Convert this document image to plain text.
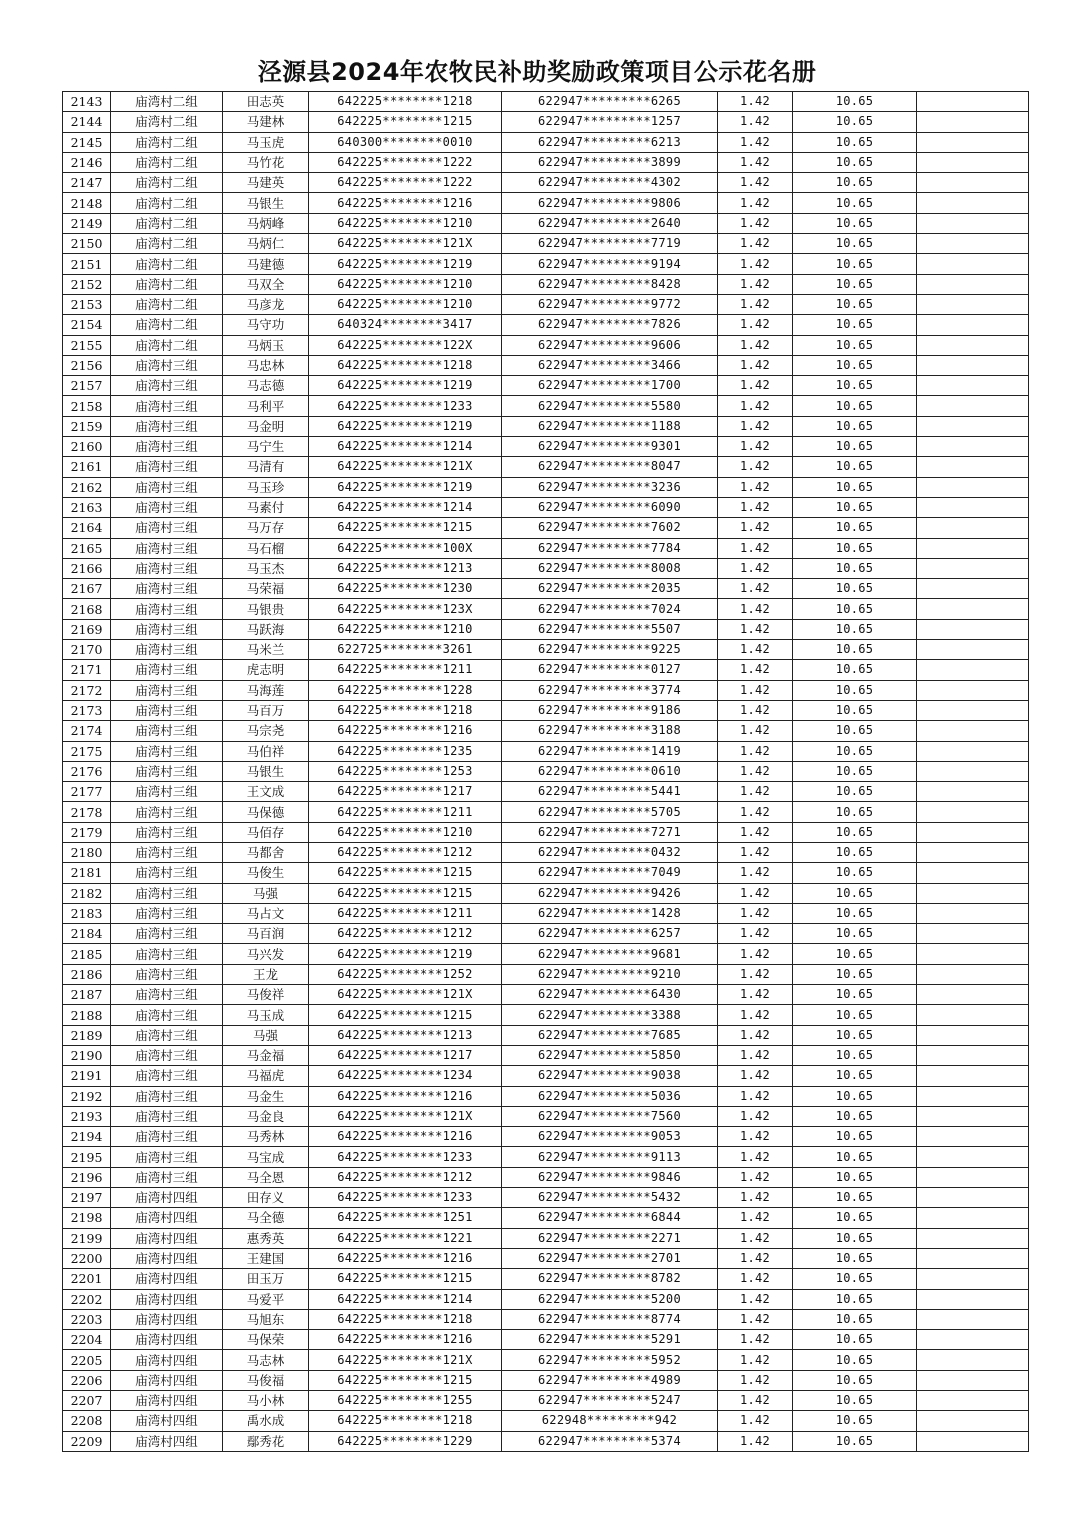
泾源县2024年农牧民补助奖励政策项目公示花名册
2143	庙湾村二组	田志英	642225********1218	622947*********6265	1.42	10.65	
2144	庙湾村二组	马建林	642225********1215	622947*********1257	1.42	10.65	
2145	庙湾村二组	马玉虎	640300********0010	622947*********6213	1.42	10.65	
2146	庙湾村二组	马竹花	642225********1222	622947*********3899	1.42	10.65	
2147	庙湾村二组	马建英	642225********1222	622947*********4302	1.42	10.65	
2148	庙湾村二组	马银生	642225********1216	622947*********9806	1.42	10.65	
2149	庙湾村二组	马炳峰	642225********1210	622947*********2640	1.42	10.65	
2150	庙湾村二组	马炳仁	642225********121X	622947*********7719	1.42	10.65	
2151	庙湾村二组	马建德	642225********1219	622947*********9194	1.42	10.65	
2152	庙湾村二组	马双全	642225********1210	622947*********8428	1.42	10.65	
2153	庙湾村二组	马彦龙	642225********1210	622947*********9772	1.42	10.65	
2154	庙湾村二组	马守功	640324********3417	622947*********7826	1.42	10.65	
2155	庙湾村二组	马炳玉	642225********122X	622947*********9606	1.42	10.65	
2156	庙湾村三组	马忠林	642225********1218	622947*********3466	1.42	10.65	
2157	庙湾村三组	马志德	642225********1219	622947*********1700	1.42	10.65	
2158	庙湾村三组	马利平	642225********1233	622947*********5580	1.42	10.65	
2159	庙湾村三组	马金明	642225********1219	622947*********1188	1.42	10.65	
2160	庙湾村三组	马宁生	642225********1214	622947*********9301	1.42	10.65	
2161	庙湾村三组	马清有	642225********121X	622947*********8047	1.42	10.65	
2162	庙湾村三组	马玉珍	642225********1219	622947*********3236	1.42	10.65	
2163	庙湾村三组	马素付	642225********1214	622947*********6090	1.42	10.65	
2164	庙湾村三组	马万存	642225********1215	622947*********7602	1.42	10.65	
2165	庙湾村三组	马石榴	642225********100X	622947*********7784	1.42	10.65	
2166	庙湾村三组	马玉杰	642225********1213	622947*********8008	1.42	10.65	
2167	庙湾村三组	马荣福	642225********1230	622947*********2035	1.42	10.65	
2168	庙湾村三组	马银贵	642225********123X	622947*********7024	1.42	10.65	
2169	庙湾村三组	马跃海	642225********1210	622947*********5507	1.42	10.65	
2170	庙湾村三组	马米兰	622725********3261	622947*********9225	1.42	10.65	
2171	庙湾村三组	虎志明	642225********1211	622947*********0127	1.42	10.65	
2172	庙湾村三组	马海莲	642225********1228	622947*********3774	1.42	10.65	
2173	庙湾村三组	马百万	642225********1218	622947*********9186	1.42	10.65	
2174	庙湾村三组	马宗尧	642225********1216	622947*********3188	1.42	10.65	
2175	庙湾村三组	马伯祥	642225********1235	622947*********1419	1.42	10.65	
2176	庙湾村三组	马银生	642225********1253	622947*********0610	1.42	10.65	
2177	庙湾村三组	王文成	642225********1217	622947*********5441	1.42	10.65	
2178	庙湾村三组	马保德	642225********1211	622947*********5705	1.42	10.65	
2179	庙湾村三组	马佰存	642225********1210	622947*********7271	1.42	10.65	
2180	庙湾村三组	马都舍	642225********1212	622947*********0432	1.42	10.65	
2181	庙湾村三组	马俊生	642225********1215	622947*********7049	1.42	10.65	
2182	庙湾村三组	马强	642225********1215	622947*********9426	1.42	10.65	
2183	庙湾村三组	马占文	642225********1211	622947*********1428	1.42	10.65	
2184	庙湾村三组	马百润	642225********1212	622947*********6257	1.42	10.65	
2185	庙湾村三组	马兴发	642225********1219	622947*********9681	1.42	10.65	
2186	庙湾村三组	王龙	642225********1252	622947*********9210	1.42	10.65	
2187	庙湾村三组	马俊祥	642225********121X	622947*********6430	1.42	10.65	
2188	庙湾村三组	马玉成	642225********1215	622947*********3388	1.42	10.65	
2189	庙湾村三组	马强	642225********1213	622947*********7685	1.42	10.65	
2190	庙湾村三组	马金福	642225********1217	622947*********5850	1.42	10.65	
2191	庙湾村三组	马福虎	642225********1234	622947*********9038	1.42	10.65	
2192	庙湾村三组	马金生	642225********1216	622947*********5036	1.42	10.65	
2193	庙湾村三组	马金良	642225********121X	622947*********7560	1.42	10.65	
2194	庙湾村三组	马秀林	642225********1216	622947*********9053	1.42	10.65	
2195	庙湾村三组	马宝成	642225********1233	622947*********9113	1.42	10.65	
2196	庙湾村三组	马全恩	642225********1212	622947*********9846	1.42	10.65	
2197	庙湾村四组	田存义	642225********1233	622947*********5432	1.42	10.65	
2198	庙湾村四组	马全德	642225********1251	622947*********6844	1.42	10.65	
2199	庙湾村四组	惠秀英	642225********1221	622947*********2271	1.42	10.65	
2200	庙湾村四组	王建国	642225********1216	622947*********2701	1.42	10.65	
2201	庙湾村四组	田玉万	642225********1215	622947*********8782	1.42	10.65	
2202	庙湾村四组	马爱平	642225********1214	622947*********5200	1.42	10.65	
2203	庙湾村四组	马旭东	642225********1218	622947*********8774	1.42	10.65	
2204	庙湾村四组	马保荣	642225********1216	622947*********5291	1.42	10.65	
2205	庙湾村四组	马志林	642225********121X	622947*********5952	1.42	10.65	
2206	庙湾村四组	马俊福	642225********1215	622947*********4989	1.42	10.65	
2207	庙湾村四组	马小林	642225********1255	622947*********5247	1.42	10.65	
2208	庙湾村四组	禹水成	642225********1218	622948*********942	1.42	10.65	
2209	庙湾村四组	鄢秀花	642225********1229	622947*********5374	1.42	10.65	
